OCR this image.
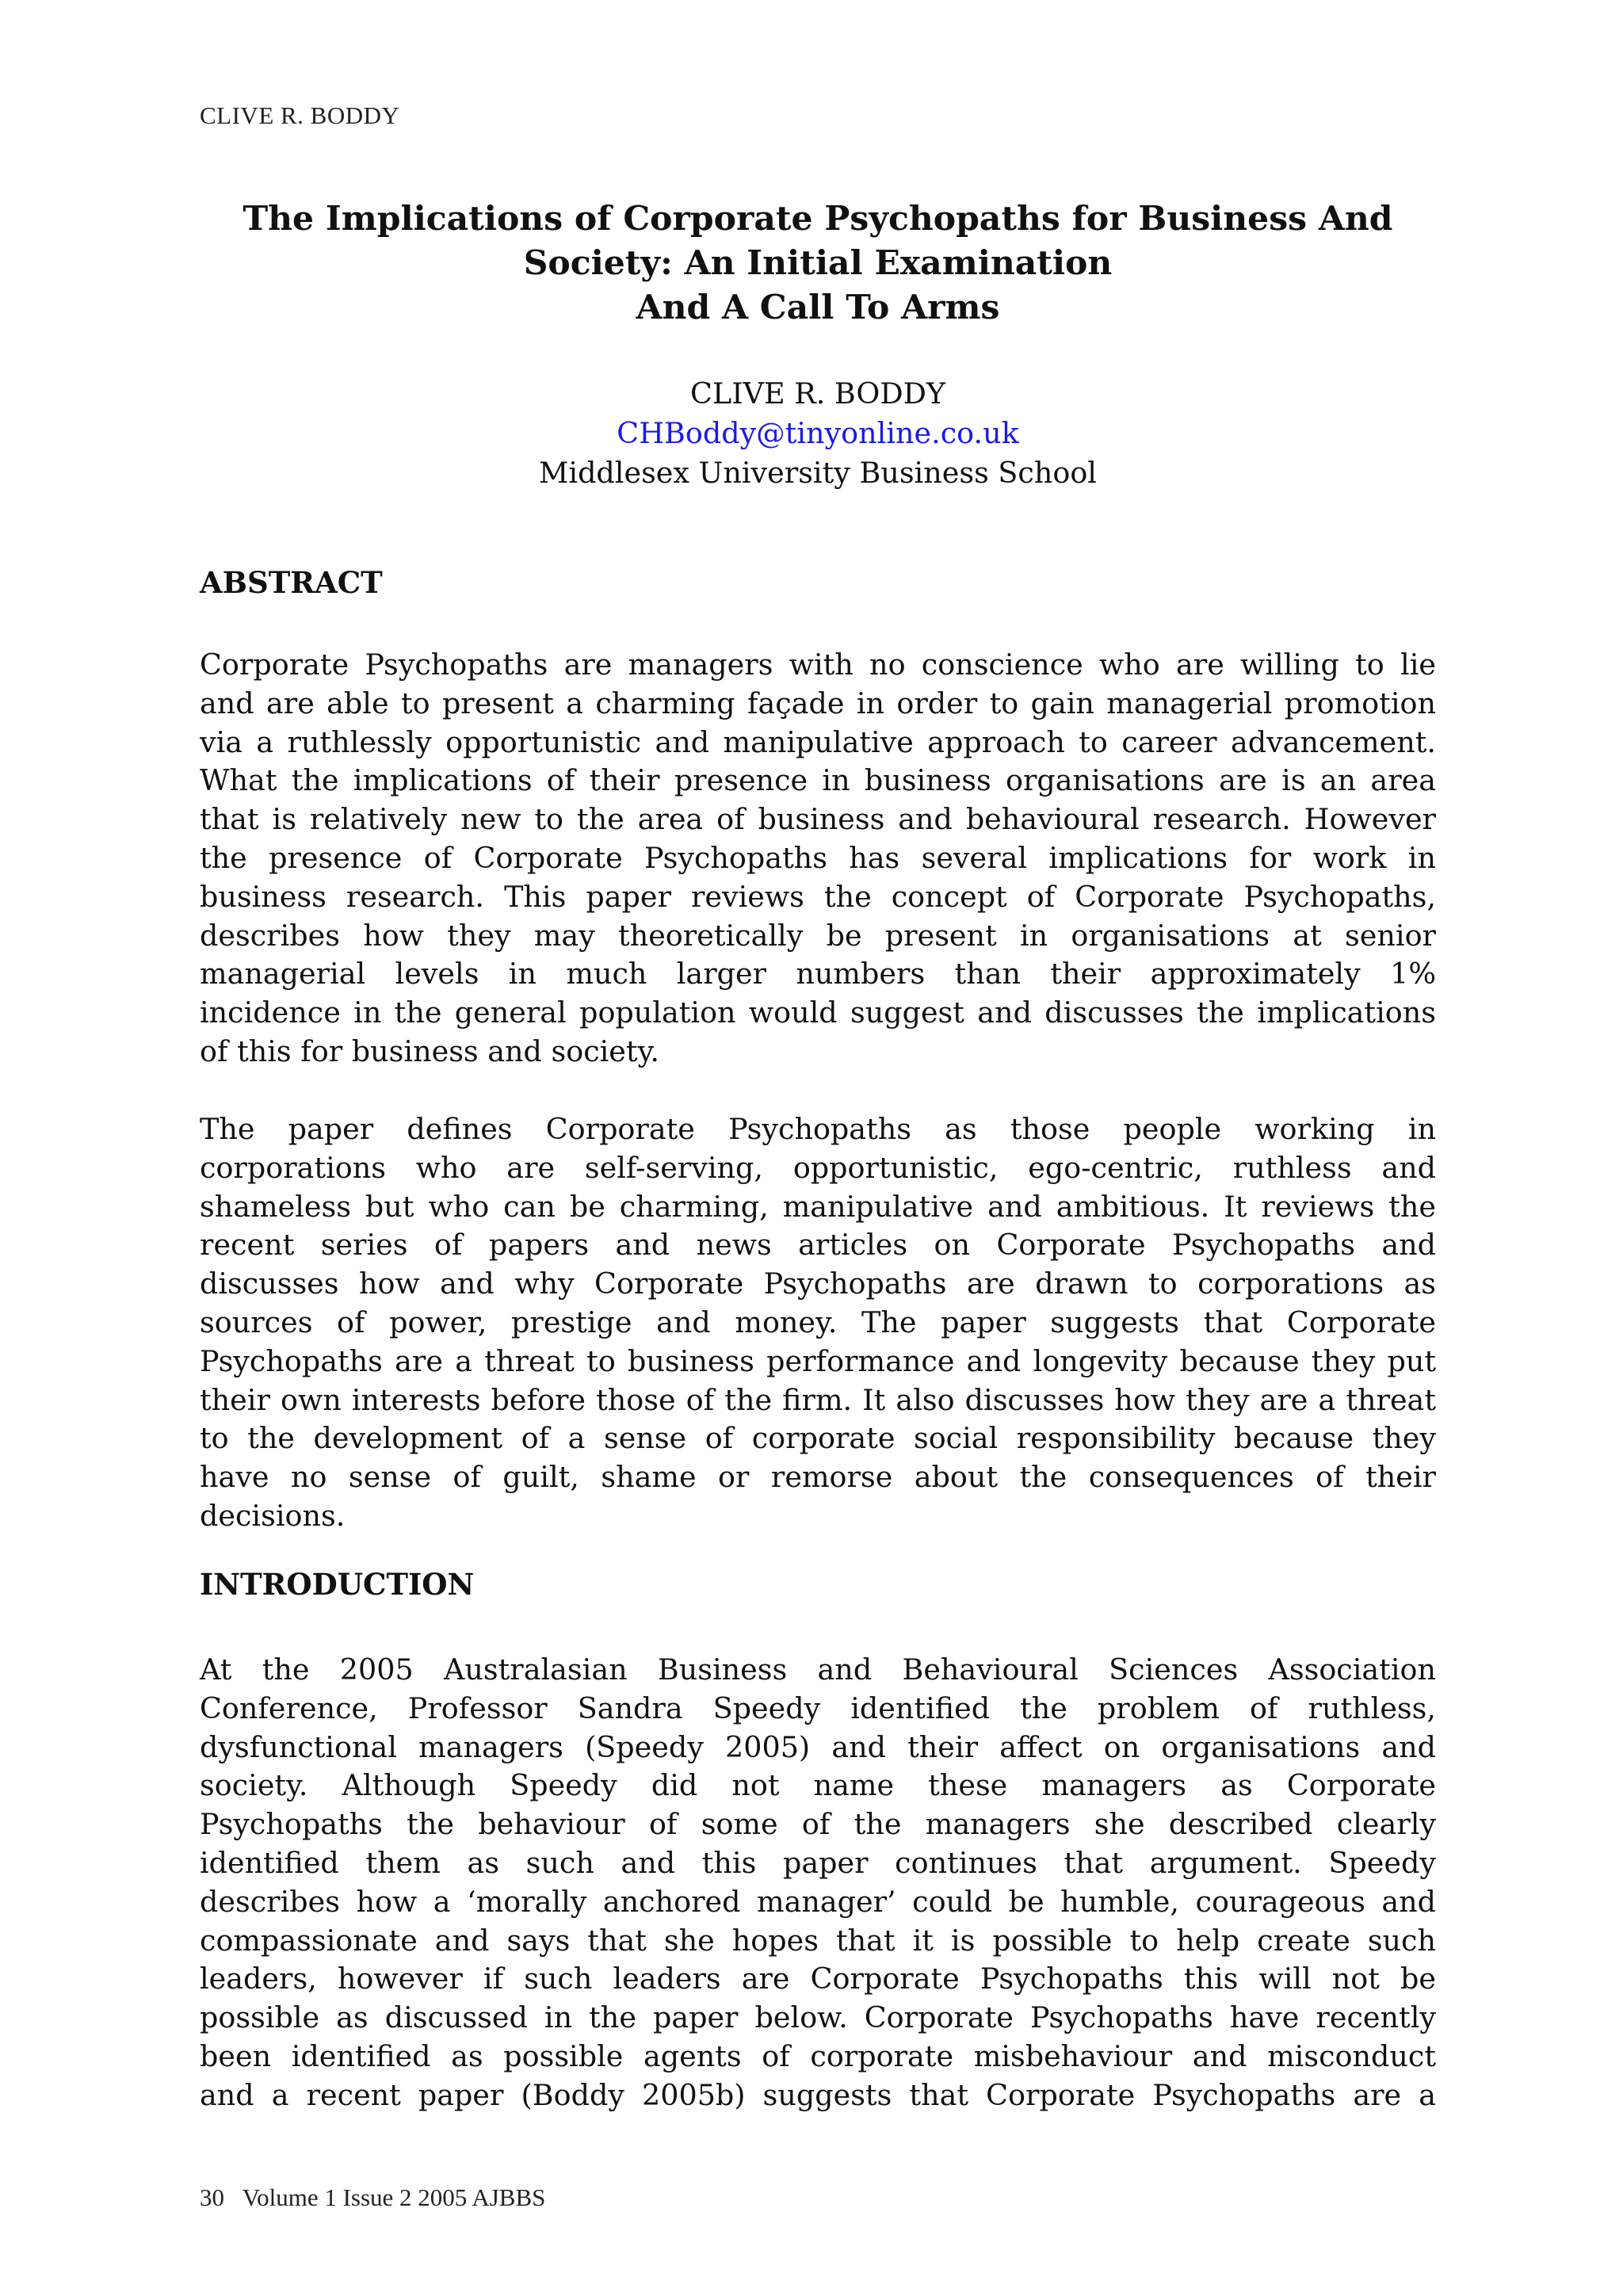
CLIVE R. BODDY
The Implications of Corporate Psychopaths for Business And
Society: An Initial Examination
And A Call To Arms
CLIVE R. BODDY
CHBoddy@tinyonline.co.uk
Middlesex University Business School
ABSTRACT
Corporate Psychopaths are managers with no conscience who are willing to lie
and are able to present a charming façade in order to gain managerial promotion
via a ruthlessly opportunistic and manipulative approach to career advancement.
What the implications of their presence in business organisations are is an area
that is relatively new to the area of business and behavioural research. However
the presence of Corporate Psychopaths has several implications for work in
business research. This paper reviews the concept of Corporate Psychopaths,
describes how they may theoretically be present in organisations at senior
managerial levels in much larger numbers than their approximately 1%
incidence in the general population would suggest and discusses the implications
of this for business and society.
The paper defines Corporate Psychopaths as those people working in
corporations who are self-serving, opportunistic, ego-centric, ruthless and
shameless but who can be charming, manipulative and ambitious. It reviews the
recent series of papers and news articles on Corporate Psychopaths and
discusses how and why Corporate Psychopaths are drawn to corporations as
sources of power, prestige and money. The paper suggests that Corporate
Psychopaths are a threat to business performance and longevity because they put
their own interests before those of the firm. It also discusses how they are a threat
to the development of a sense of corporate social responsibility because they
have no sense of guilt, shame or remorse about the consequences of their
decisions.
INTRODUCTION
At the 2005 Australasian Business and Behavioural Sciences Association
Conference, Professor Sandra Speedy identified the problem of ruthless,
dysfunctional managers (Speedy 2005) and their affect on organisations and
society. Although Speedy did not name these managers as Corporate
Psychopaths the behaviour of some of the managers she described clearly
identified them as such and this paper continues that argument. Speedy
describes how a ‘morally anchored manager’ could be humble, courageous and
compassionate and says that she hopes that it is possible to help create such
leaders, however if such leaders are Corporate Psychopaths this will not be
possible as discussed in the paper below. Corporate Psychopaths have recently
been identified as possible agents of corporate misbehaviour and misconduct
and a recent paper (Boddy 2005b) suggests that Corporate Psychopaths are a
30 Volume 1 Issue 2 2005 AJBBS
